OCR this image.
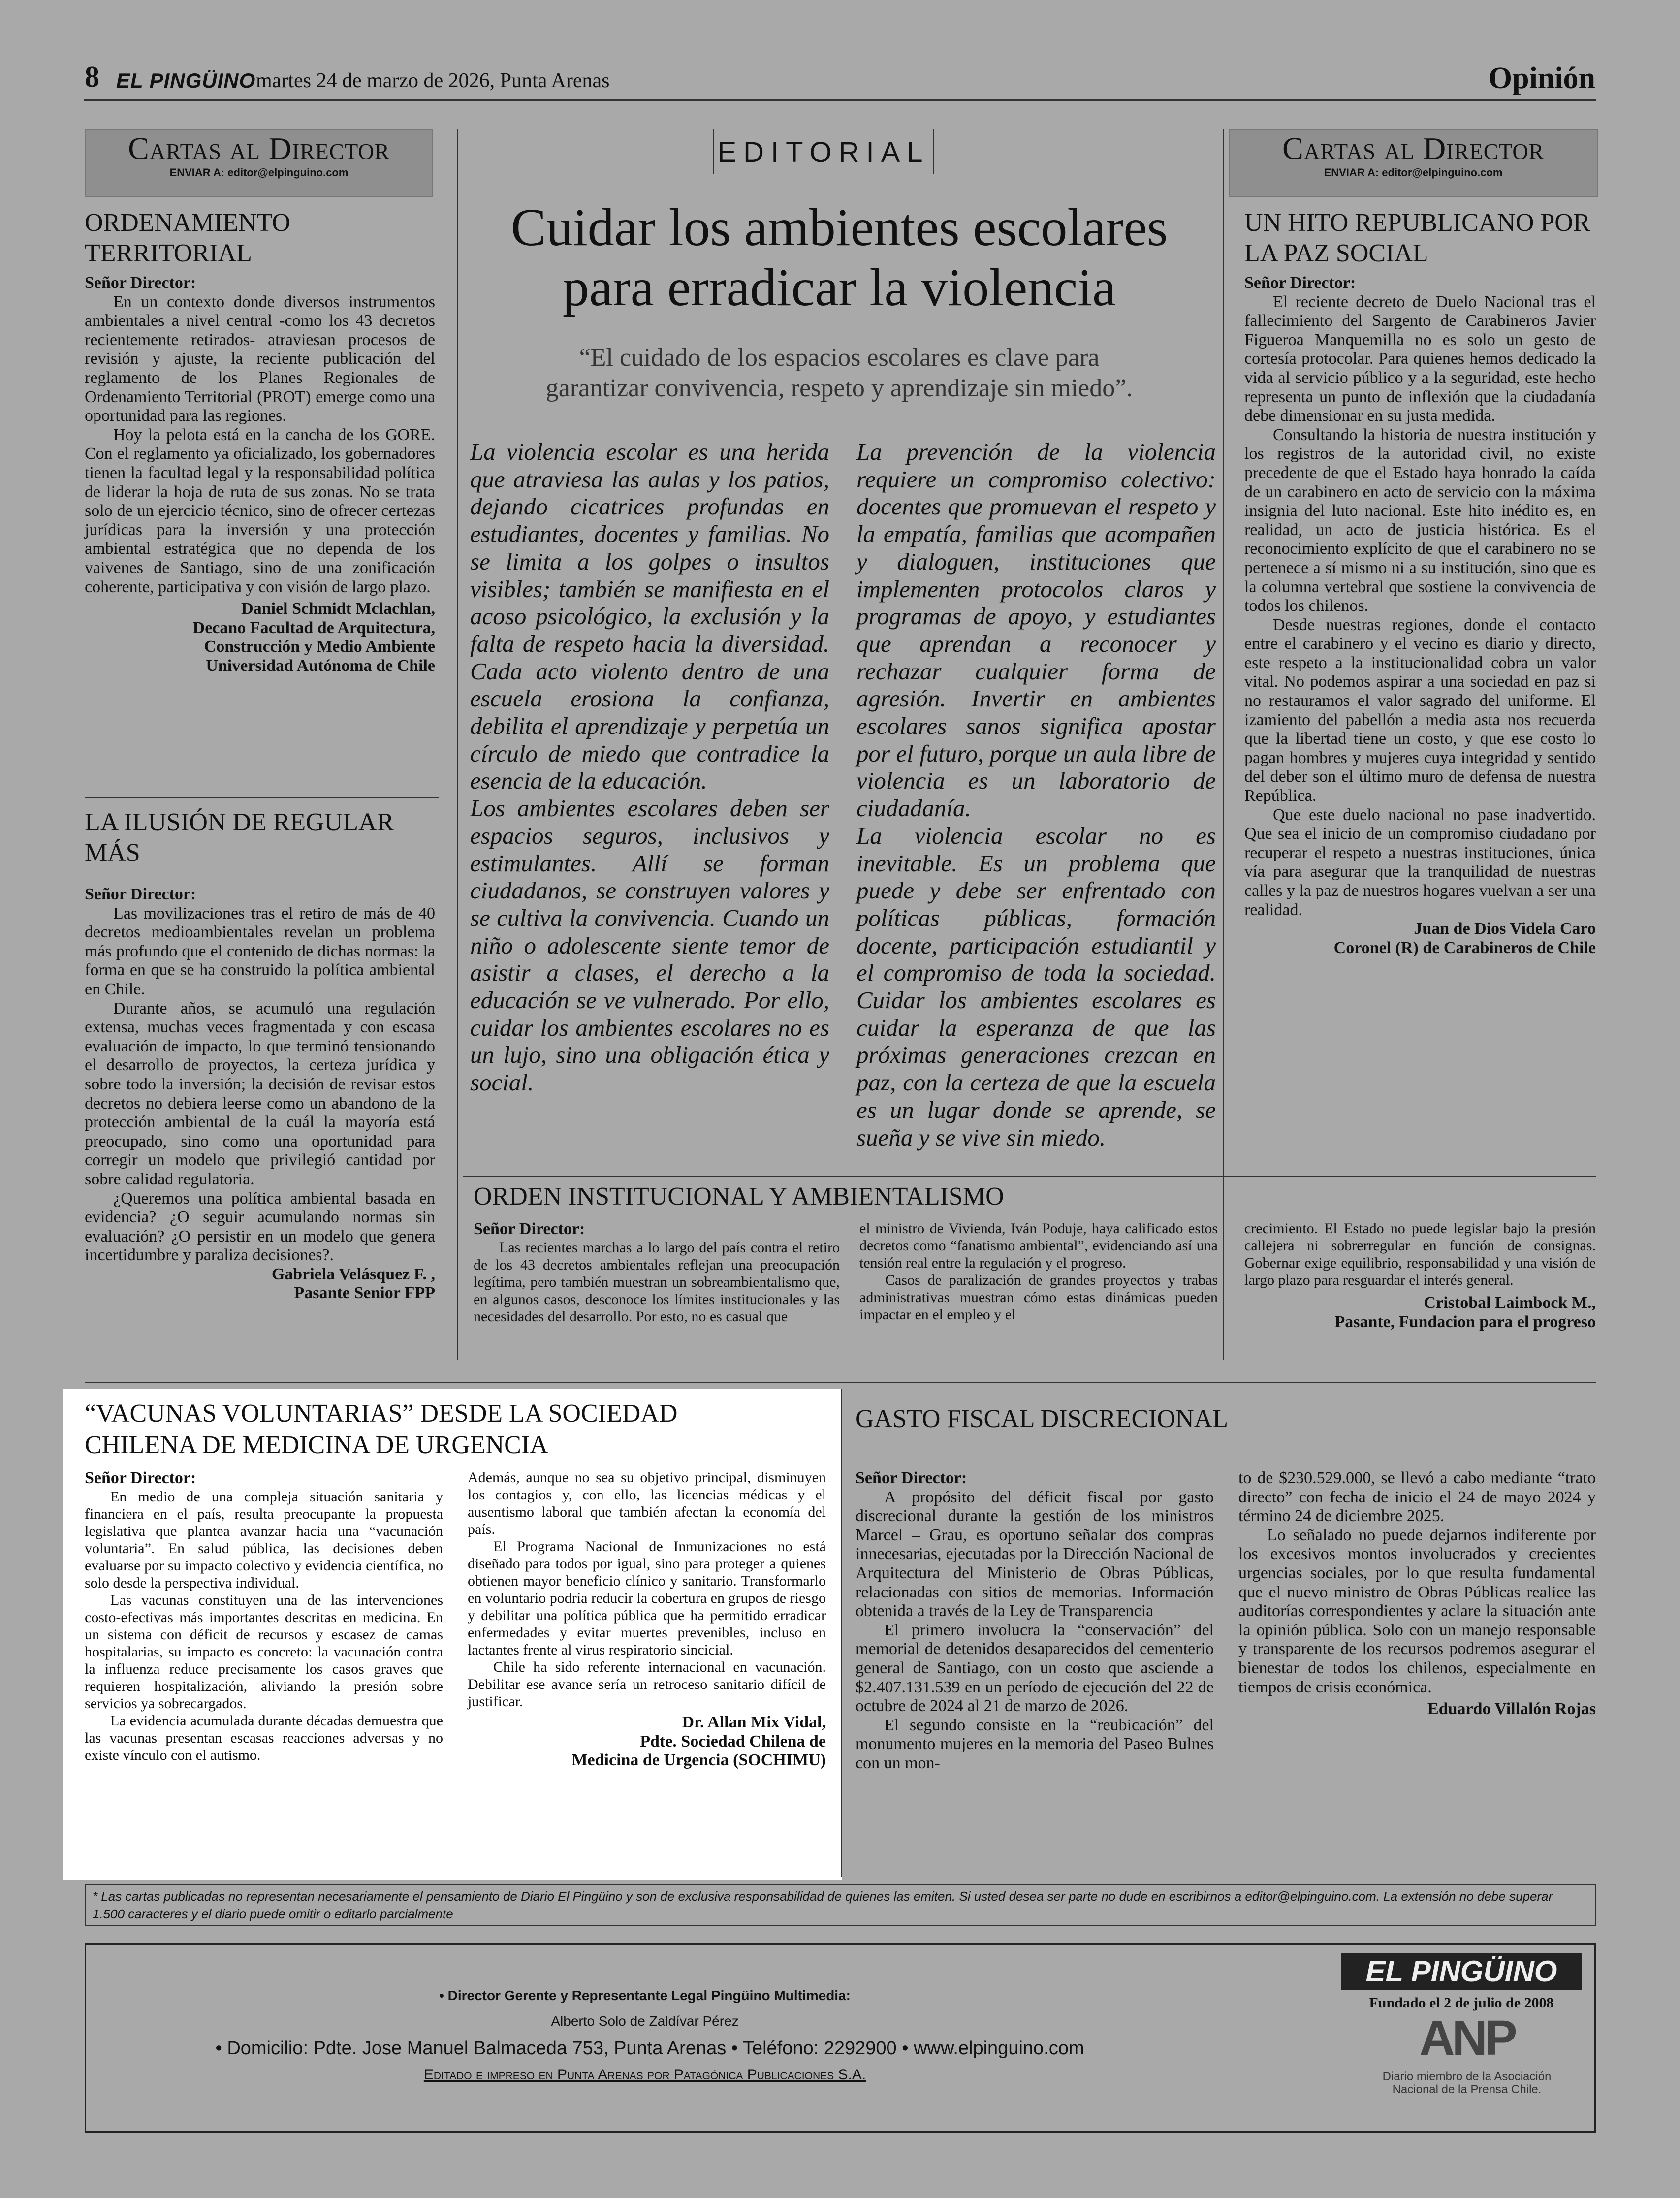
8 EL PINGÜINO martes 24 de marzo de 2026, Punta Arenas	Opinión
Cartas al Director
ENVIAR A: editor@elpinguino.com
ORDENAMIENTO TERRITORIAL
Señor Director:

En un contexto donde diversos instrumentos ambientales a nivel central -como los 43 decretos recientemente retirados- atraviesan procesos de revisión y ajuste, la reciente publicación del reglamento de los Planes Regionales de Ordenamiento Territorial (PROT) emerge como una oportunidad para las regiones.

Hoy la pelota está en la cancha de los GORE. Con el reglamento ya oficializado, los gobernadores tienen la facultad legal y la responsabilidad política de liderar la hoja de ruta de sus zonas. No se trata solo de un ejercicio técnico, sino de ofrecer certezas jurídicas para la inversión y una protección ambiental estratégica que no dependa de los vaivenes de Santiago, sino de una zonificación coherente, participativa y con visión de largo plazo.

Daniel Schmidt Mclachlan,
Decano Facultad de Arquitectura,
Construcción y Medio Ambiente
Universidad Autónoma de Chile
LA ILUSIÓN DE REGULAR MÁS
Señor Director:

Las movilizaciones tras el retiro de más de 40 decretos medioambientales revelan un problema más profundo que el contenido de dichas normas: la forma en que se ha construido la política ambiental en Chile.

Durante años, se acumuló una regulación extensa, muchas veces fragmentada y con escasa evaluación de impacto, lo que terminó tensionando el desarrollo de proyectos, la certeza jurídica y sobre todo la inversión; la decisión de revisar estos decretos no debiera leerse como un abandono de la protección ambiental de la cuál la mayoría está preocupado, sino como una oportunidad para corregir un modelo que privilegió cantidad por sobre calidad regulatoria.

¿Queremos una política ambiental basada en evidencia? ¿O seguir acumulando normas sin evaluación? ¿O persistir en un modelo que genera incertidumbre y paraliza decisiones?.

Gabriela Velásquez F. ,
Pasante Senior FPP
EDITORIAL
Cuidar los ambientes escolares
para erradicar la violencia
“El cuidado de los espacios escolares es clave para
garantizar convivencia, respeto y aprendizaje sin miedo”.

La violencia escolar es una herida que atraviesa las aulas y los patios, dejando cicatrices profundas en estudiantes, docentes y familias. No se limita a los golpes o insultos visibles; también se manifiesta en el acoso psicológico, la exclusión y la falta de respeto hacia la diversidad. Cada acto violento dentro de una escuela erosiona la confianza, debilita el aprendizaje y perpetúa un círculo de miedo que contradice la esencia de la educación.

Los ambientes escolares deben ser espacios seguros, inclusivos y estimulantes. Allí se forman ciudadanos, se construyen valores y se cultiva la convivencia. Cuando un niño o adolescente siente temor de asistir a clases, el derecho a la educación se ve vulnerado. Por ello, cuidar los ambientes escolares no es un lujo, sino una obligación ética y social.

La prevención de la violencia requiere un compromiso colectivo: docentes que promuevan el respeto y la empatía, familias que acompañen y dialoguen, instituciones que implementen protocolos claros y programas de apoyo, y estudiantes que aprendan a reconocer y rechazar cualquier forma de agresión. Invertir en ambientes escolares sanos significa apostar por el futuro, porque un aula libre de violencia es un laboratorio de ciudadanía.

La violencia escolar no es inevitable. Es un problema que puede y debe ser enfrentado con políticas públicas, formación docente, participación estudiantil y el compromiso de toda la sociedad. Cuidar los ambientes escolares es cuidar la esperanza de que las próximas generaciones crezcan en paz, con la certeza de que la escuela es un lugar donde se aprende, se sueña y se vive sin miedo.

Cartas al Director
ENVIAR A: editor@elpinguino.com
UN HITO REPUBLICANO POR LA PAZ SOCIAL
Señor Director:

El reciente decreto de Duelo Nacional tras el fallecimiento del Sargento de Carabineros Javier Figueroa Manquemilla no es solo un gesto de cortesía protocolar. Para quienes hemos dedicado la vida al servicio público y a la seguridad, este hecho representa un punto de inflexión que la ciudadanía debe dimensionar en su justa medida.

Consultando la historia de nuestra institución y los registros de la autoridad civil, no existe precedente de que el Estado haya honrado la caída de un carabinero en acto de servicio con la máxima insignia del luto nacional. Este hito inédito es, en realidad, un acto de justicia histórica. Es el reconocimiento explícito de que el carabinero no se pertenece a sí mismo ni a su institución, sino que es la columna vertebral que sostiene la convivencia de todos los chilenos.

Desde nuestras regiones, donde el contacto entre el carabinero y el vecino es diario y directo, este respeto a la institucionalidad cobra un valor vital. No podemos aspirar a una sociedad en paz si no restauramos el valor sagrado del uniforme. El izamiento del pabellón a media asta nos recuerda que la libertad tiene un costo, y que ese costo lo pagan hombres y mujeres cuya integridad y sentido del deber son el último muro de defensa de nuestra República.

Que este duelo nacional no pase inadvertido. Que sea el inicio de un compromiso ciudadano por recuperar el respeto a nuestras instituciones, única vía para asegurar que la tranquilidad de nuestras calles y la paz de nuestros hogares vuelvan a ser una realidad.

Juan de Dios Videla Caro
Coronel (R) de Carabineros de Chile
ORDEN INSTITUCIONAL Y AMBIENTALISMO
Señor Director:

Las recientes marchas a lo largo del país contra el retiro de los 43 decretos ambientales reflejan una preocupación legítima, pero también muestran un sobreambientalismo que, en algunos casos, desconoce los límites institucionales y las necesidades del desarrollo. Por esto, no es casual que

el ministro de Vivienda, Iván Poduje, haya calificado estos decretos como “fanatismo ambiental”, evidenciando así una tensión real entre la regulación y el progreso.

Casos de paralización de grandes proyectos y trabas administrativas muestran cómo estas dinámicas pueden impactar en el empleo y el

crecimiento. El Estado no puede legislar bajo la presión callejera ni sobrerregular en función de consignas. Gobernar exige equilibrio, responsabilidad y una visión de largo plazo para resguardar el interés general.
Cristobal Laimbock M.,
Pasante, Fundacion para el progreso
“VACUNAS VOLUNTARIAS” DESDE LA SOCIEDAD
CHILENA DE MEDICINA DE URGENCIA
Señor Director:

En medio de una compleja situación sanitaria y financiera en el país, resulta preocupante la propuesta legislativa que plantea avanzar hacia una “vacunación voluntaria”. En salud pública, las decisiones deben evaluarse por su impacto colectivo y evidencia científica, no solo desde la perspectiva individual.

Las vacunas constituyen una de las intervenciones costo-efectivas más importantes descritas en medicina. En un sistema con déficit de recursos y escasez de camas hospitalarias, su impacto es concreto: la vacunación contra la influenza reduce precisamente los casos graves que requieren hospitalización, aliviando la presión sobre servicios ya sobrecargados.

La evidencia acumulada durante décadas demuestra que las vacunas presentan escasas reacciones adversas y no existe vínculo con el autismo.

Además, aunque no sea su objetivo principal, disminuyen los contagios y, con ello, las licencias médicas y el ausentismo laboral que también afectan la economía del país.

El Programa Nacional de Inmunizaciones no está diseñado para todos por igual, sino para proteger a quienes obtienen mayor beneficio clínico y sanitario. Transformarlo en voluntario podría reducir la cobertura en grupos de riesgo y debilitar una política pública que ha permitido erradicar enfermedades y evitar muertes prevenibles, incluso en lactantes frente al virus respiratorio sincicial.

Chile ha sido referente internacional en vacunación. Debilitar ese avance sería un retroceso sanitario difícil de justificar.

Dr. Allan Mix Vidal,
Pdte. Sociedad Chilena de
Medicina de Urgencia (SOCHIMU)
GASTO FISCAL DISCRECIONAL
Señor Director:

A propósito del déficit fiscal por gasto discrecional durante la gestión de los ministros Marcel – Grau, es oportuno señalar dos compras innecesarias, ejecutadas por la Dirección Nacional de Arquitectura del Ministerio de Obras Públicas, relacionadas con sitios de memorias. Información obtenida a través de la Ley de Transparencia

El primero involucra la “conservación” del memorial de detenidos desaparecidos del cementerio general de Santiago, con un costo que asciende a $2.407.131.539 en un período de ejecución del 22 de octubre de 2024 al 21 de marzo de 2026.

El segundo consiste en la “reubicación” del monumento mujeres en la memoria del Paseo Bulnes con un mon-

to de $230.529.000, se llevó a cabo mediante “trato directo” con fecha de inicio el 24 de mayo 2024 y término 24 de diciembre 2025.

Lo señalado no puede dejarnos indiferente por los excesivos montos involucrados y crecientes urgencias sociales, por lo que resulta fundamental que el nuevo ministro de Obras Públicas realice las auditorías correspondientes y aclare la situación ante la opinión pública. Solo con un manejo responsable y transparente de los recursos podremos asegurar el bienestar de todos los chilenos, especialmente en tiempos de crisis económica.

Eduardo Villalón Rojas
* Las cartas publicadas no representan necesariamente el pensamiento de Diario El Pingüino y son de exclusiva responsabilidad de quienes las emiten. Si usted desea ser parte no dude en escribirnos a editor@elpinguino.com. La extensión no debe superar 1.500 caracteres y el diario puede omitir o editarlo parcialmente
• Director Gerente y Representante Legal Pingüino Multimedia:
Alberto Solo de Zaldívar Pérez
• Domicilio: Pdte. Jose Manuel Balmaceda 753, Punta Arenas • Teléfono: 2292900 • www.elpinguino.com
Editado e impreso en Punta Arenas por Patagónica Publicaciones S.A.
EL PINGÜINO
Fundado el 2 de julio de 2008
ANP
Diario miembro de la Asociación
Nacional de la Prensa Chile.
